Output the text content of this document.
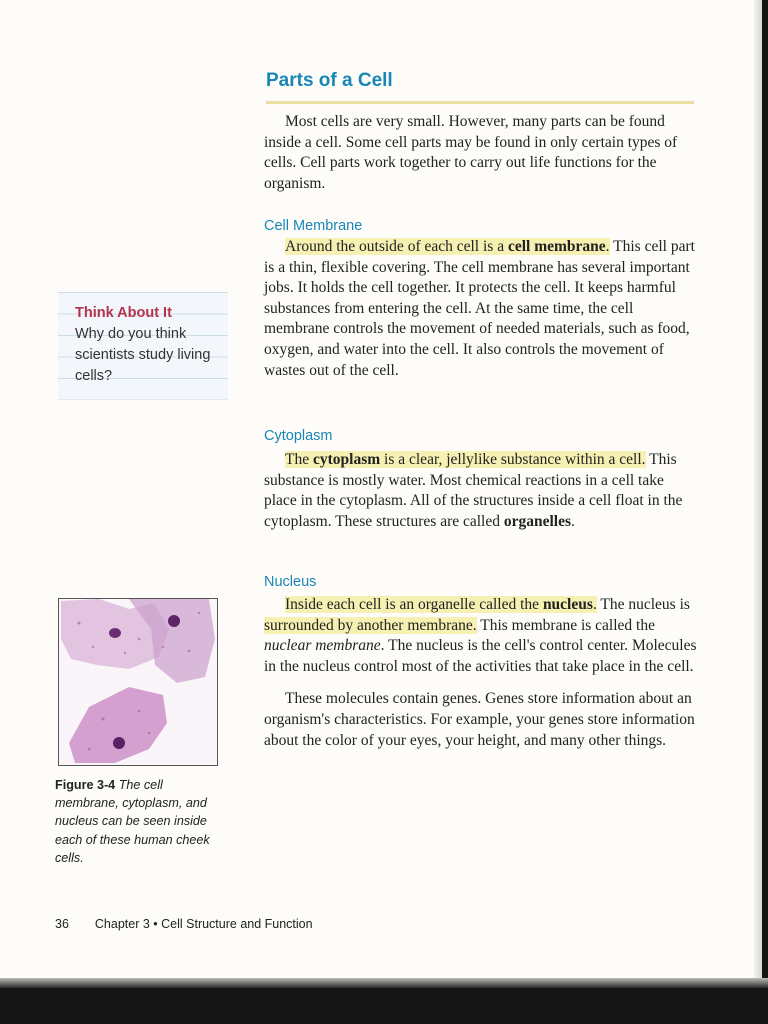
Parts of a Cell

Most cells are very small. However, many parts can be found inside a cell. Some cell parts may be found in only certain types of cells. Cell parts work together to carry out life functions for the organism.

Cell Membrane

Around the outside of each cell is a cell membrane. This cell part is a thin, flexible covering. The cell membrane has several important jobs. It holds the cell together. It protects the cell. It keeps harmful substances from entering the cell. At the same time, the cell membrane controls the movement of needed materials, such as food, oxygen, and water into the cell. It also controls the movement of wastes out of the cell.

Cytoplasm

The cytoplasm is a clear, jellylike substance within a cell. This substance is mostly water. Most chemical reactions in a cell take place in the cytoplasm. All of the structures inside a cell float in the cytoplasm. These structures are called organelles.

Nucleus

Inside each cell is an organelle called the nucleus. The nucleus is surrounded by another membrane. This membrane is called the nuclear membrane. The nucleus is the cell's control center. Molecules in the nucleus control most of the activities that take place in the cell.

These molecules contain genes. Genes store information about an organism's characteristics. For example, your genes store information about the color of your eyes, your height, and many other things.

Think About It
Why do you think scientists study living cells?
Figure 3-4 The cell membrane, cytoplasm, and nucleus can be seen inside each of these human cheek cells.
36 Chapter 3 • Cell Structure and Function
